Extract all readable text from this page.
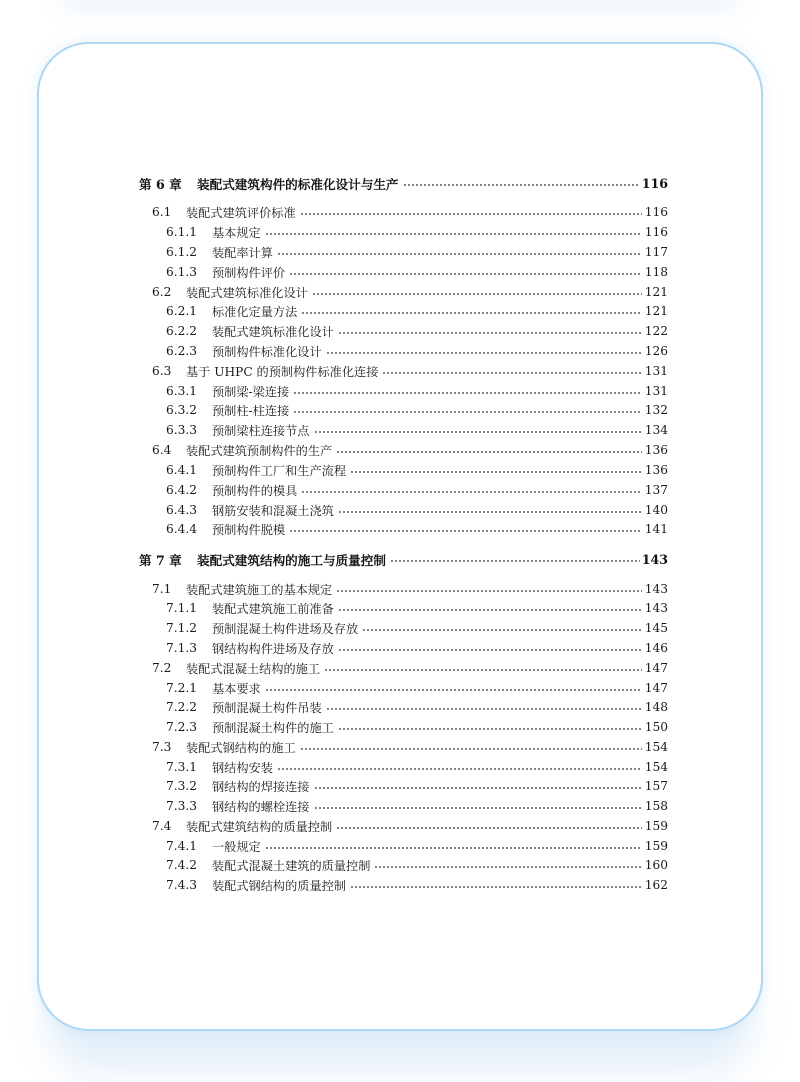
第 6 章	装配式建筑构件的标准化设计与生产	116
6.1	装配式建筑评价标准	116
6.1.1	基本规定	116
6.1.2	装配率计算	117
6.1.3	预制构件评价	118
6.2	装配式建筑标准化设计	121
6.2.1	标准化定量方法	121
6.2.2	装配式建筑标准化设计	122
6.2.3	预制构件标准化设计	126
6.3	基于 UHPC 的预制构件标准化连接	131
6.3.1	预制梁-梁连接	131
6.3.2	预制柱-柱连接	132
6.3.3	预制梁柱连接节点	134
6.4	装配式建筑预制构件的生产	136
6.4.1	预制构件工厂和生产流程	136
6.4.2	预制构件的模具	137
6.4.3	钢筋安装和混凝土浇筑	140
6.4.4	预制构件脱模	141
第 7 章	装配式建筑结构的施工与质量控制	143
7.1	装配式建筑施工的基本规定	143
7.1.1	装配式建筑施工前准备	143
7.1.2	预制混凝土构件进场及存放	145
7.1.3	钢结构构件进场及存放	146
7.2	装配式混凝土结构的施工	147
7.2.1	基本要求	147
7.2.2	预制混凝土构件吊装	148
7.2.3	预制混凝土构件的施工	150
7.3	装配式钢结构的施工	154
7.3.1	钢结构安装	154
7.3.2	钢结构的焊接连接	157
7.3.3	钢结构的螺栓连接	158
7.4	装配式建筑结构的质量控制	159
7.4.1	一般规定	159
7.4.2	装配式混凝土建筑的质量控制	160
7.4.3	装配式钢结构的质量控制	162
